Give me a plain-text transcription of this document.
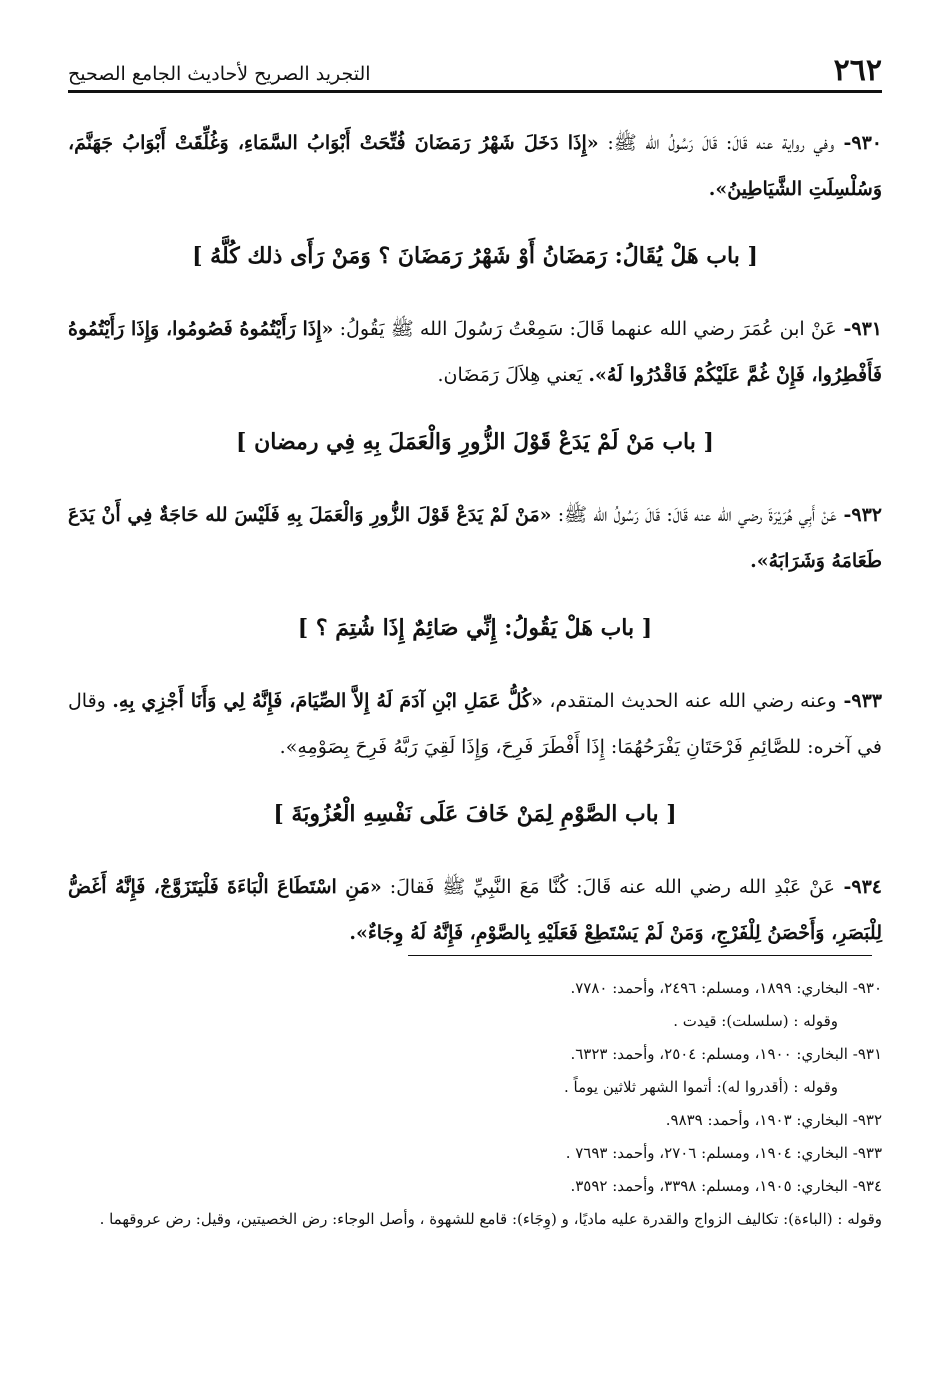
٢٦٢
التجريد الصريح لأحاديث الجامع الصحيح

٩٣٠- وفي رواية عنه قَالَ: قَالَ رَسُولُ الله ﷺ: «إِذَا دَخَلَ شَهْرُ رَمَضَانَ فُتِّحَتْ أَبْوَابُ السَّمَاءِ، وَغُلِّقَتْ أَبْوَابُ جَهَنَّمَ، وَسُلْسِلَتِ الشَّيَاطِينُ».

[ باب هَلْ يُقَالُ: رَمَضَانُ أَوْ شَهْرُ رَمَضَانَ ؟ وَمَنْ رَأَى ذلك كُلَّهُ ]

٩٣١- عَنْ ابن عُمَرَ رضي الله عنهما قَالَ: سَمِعْتُ رَسُولَ الله ﷺ يَقُولُ: «إِذَا رَأَيْتُمُوهُ فَصُومُوا، وَإِذَا رَأَيْتُمُوهُ فَأَفْطِرُوا، فَإِنْ غُمَّ عَلَيْكُمْ فَاقْدُرُوا لَهُ». يَعني هِلاَلَ رَمَضَان.

[ باب مَنْ لَمْ يَدَعْ قَوْلَ الزُّورِ وَالْعَمَلَ بِهِ فِي رمضان ]

٩٣٢- عَنْ أَبِي هُرَيْرَةَ رضي الله عنه قَالَ: قَالَ رَسُولُ الله ﷺ: «مَنْ لَمْ يَدَعْ قَوْلَ الزُّورِ وَالْعَمَلَ بِهِ فَلَيْسَ لله حَاجَةٌ فِي أَنْ يَدَعَ طَعَامَهُ وَشَرَابَهُ».

[ باب هَلْ يَقُولُ: إِنِّي صَائِمٌ إِذَا شُتِمَ ؟ ]

٩٣٣- وعنه رضي الله عنه الحديث المتقدم، «كُلُّ عَمَلِ ابْنِ آدَمَ لَهُ إِلاَّ الصِّيَامَ، فَإِنَّهُ لِي وَأَنَا أَجْزِي بِهِ. وقال في آخره: للصَّائِمِ فَرْحَتَانِ يَفْرَحُهُمَا: إِذَا أَفْطَرَ فَرِحَ، وَإِذَا لَقِيَ رَبَّهُ فَرِحَ بِصَوْمِهِ».

[ باب الصَّوْمِ لِمَنْ خَافَ عَلَى نَفْسِهِ الْعُزُوبَةَ ]

٩٣٤- عَنْ عَبْدِ الله رضي الله عنه قَالَ: كُنَّا مَعَ النَّبِيِّ ﷺ فَقالَ: «مَنِ اسْتَطَاعَ الْبَاءَةَ فَلْيَتَزَوَّجْ، فَإِنَّهُ أَغَضُّ لِلْبَصَرِ، وَأَحْصَنُ لِلْفَرْجِ، وَمَنْ لَمْ يَسْتَطِعْ فَعَلَيْهِ بِالصَّوْمِ، فَإِنَّهُ لَهُ وِجَاءٌ».

٩٣٠- البخاري: ١٨٩٩، ومسلم: ٢٤٩٦، وأحمد: ٧٧٨٠.
وقوله : (سلسلت): قيدت .
٩٣١- البخاري: ١٩٠٠، ومسلم: ٢٥٠٤، وأحمد: ٦٣٢٣.
وقوله : (أقدروا له): أتموا الشهر ثلاثين يوماً .
٩٣٢- البخاري: ١٩٠٣، وأحمد: ٩٨٣٩.
٩٣٣- البخاري: ١٩٠٤، ومسلم: ٢٧٠٦، وأحمد: ٧٦٩٣ .
٩٣٤- البخاري: ١٩٠٥، ومسلم: ٣٣٩٨، وأحمد: ٣٥٩٢.
وقوله : (الباءة): تكاليف الزواج والقدرة عليه ماديًا، و (وِجَاء): قامع للشهوة ، وأصل الوجاء: رض الخصيتين، وقيل: رض عروقهما .
